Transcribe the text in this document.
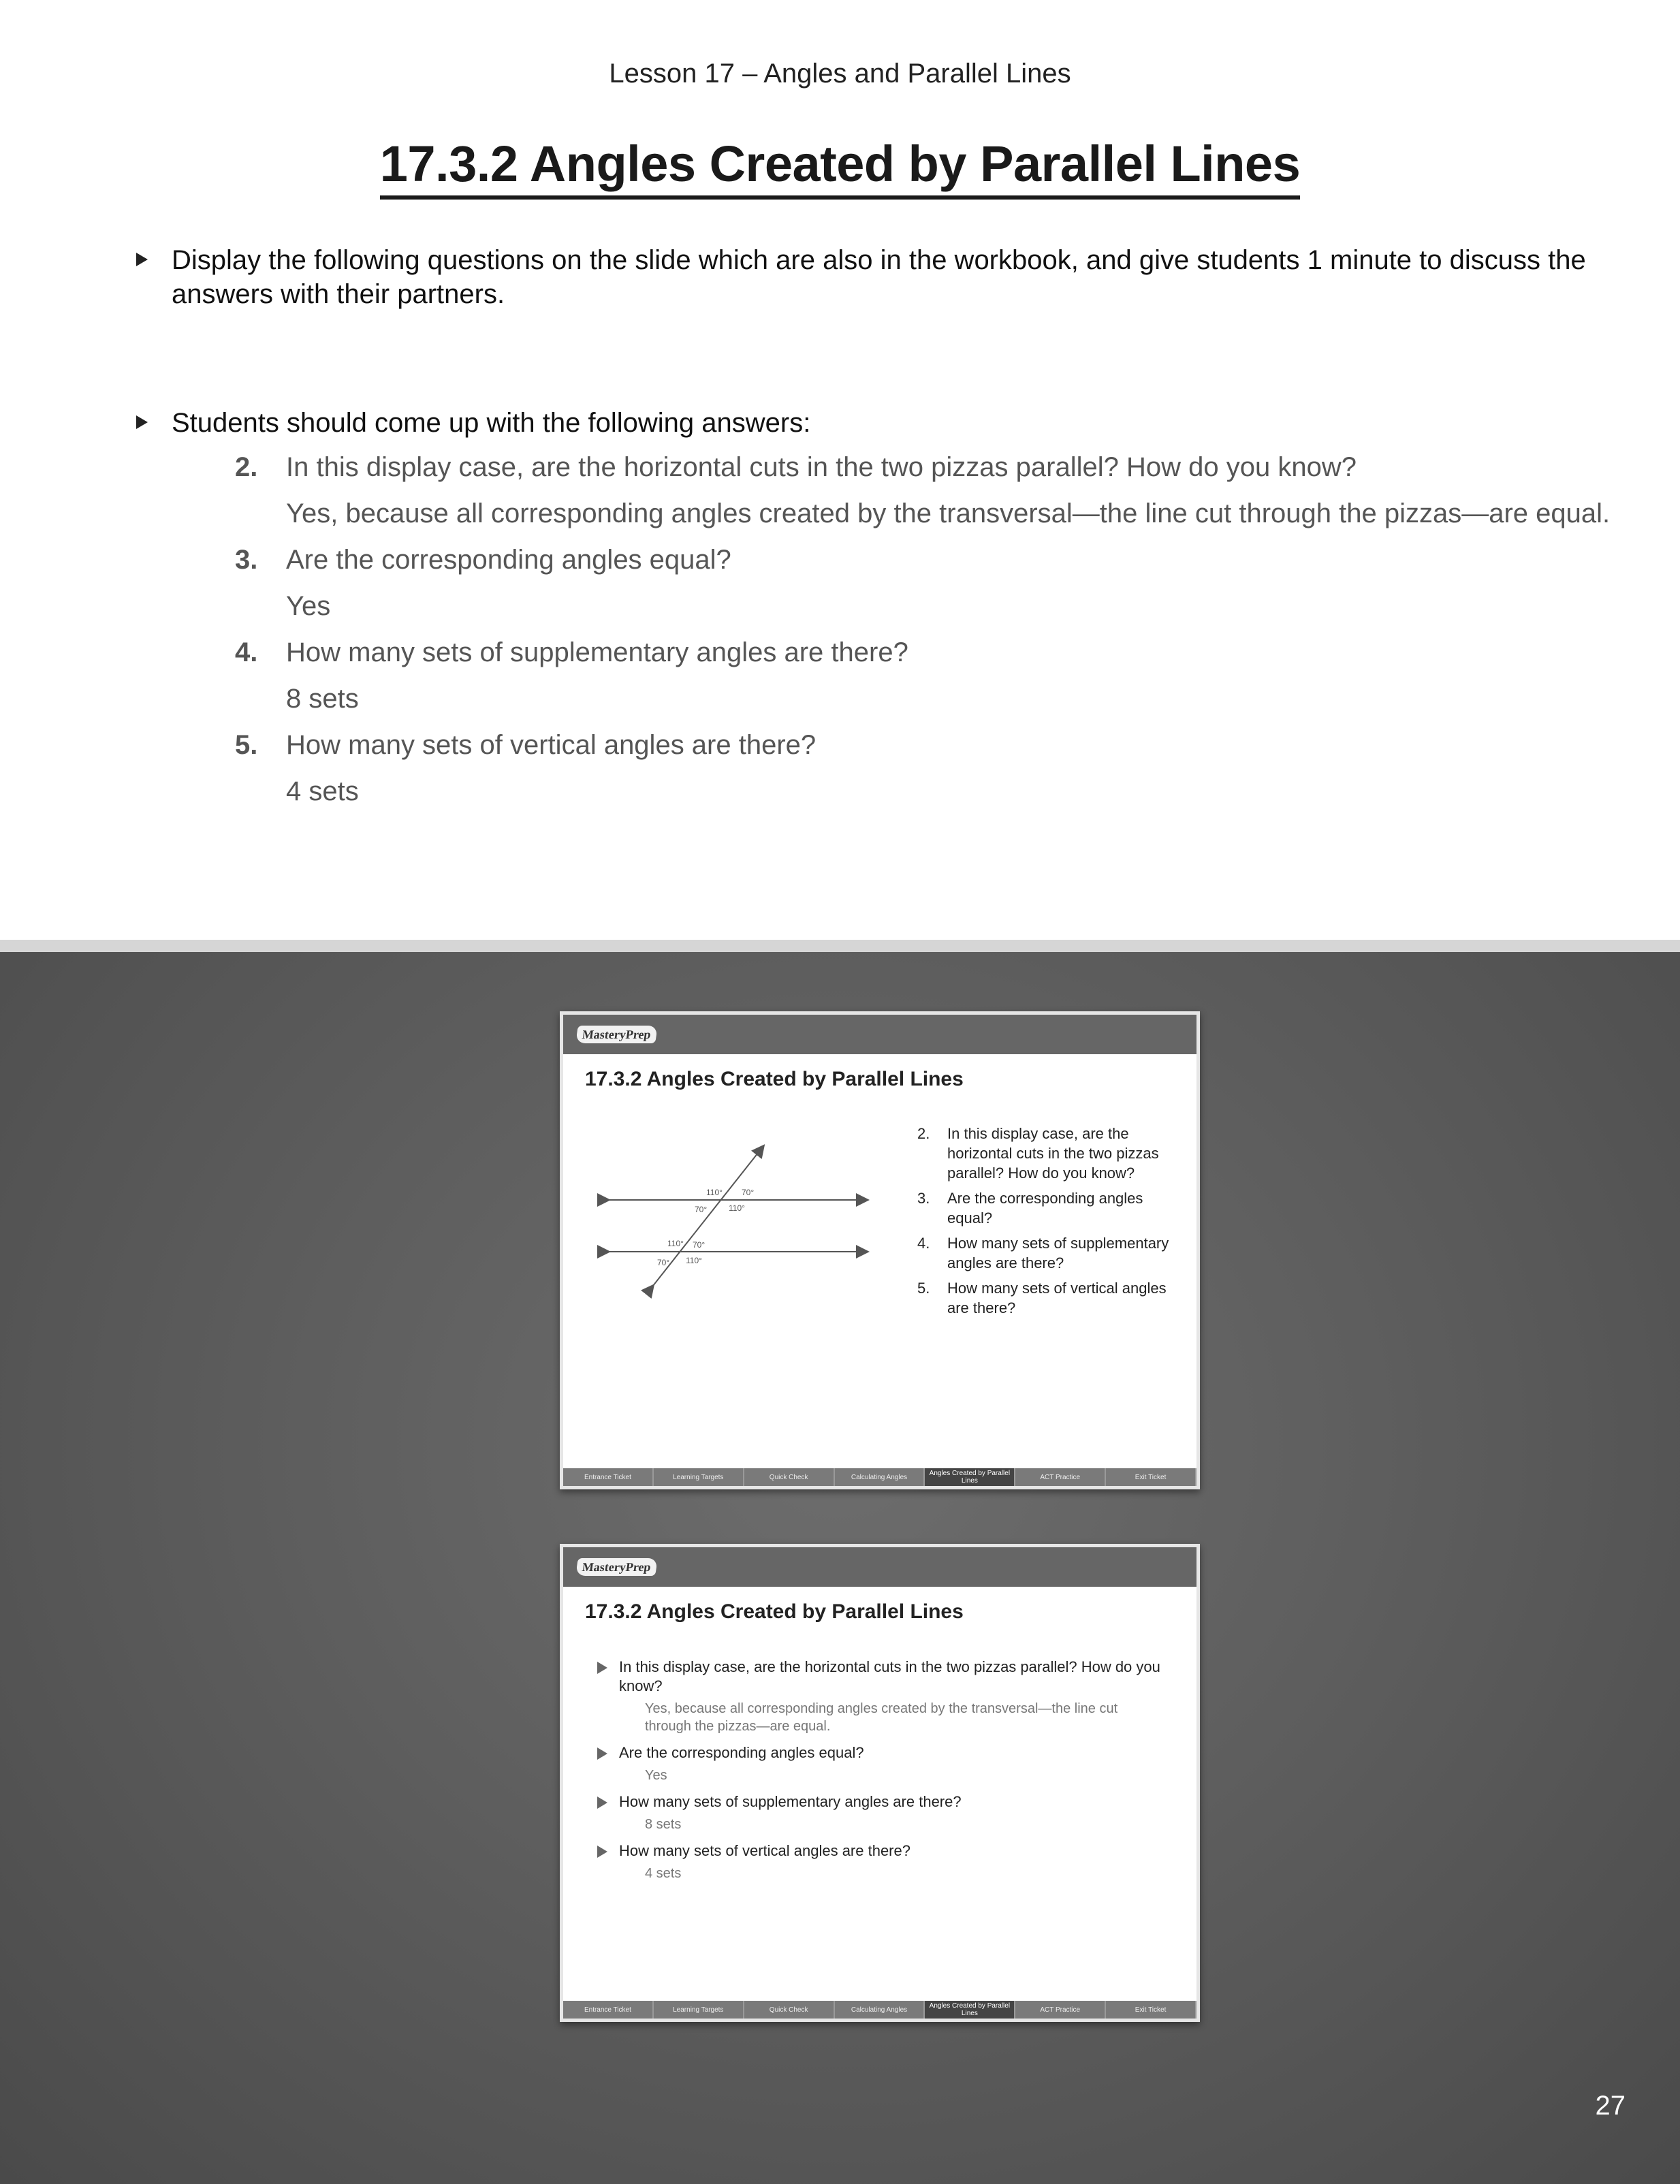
Lesson 17 – Angles and Parallel Lines
17.3.2 Angles Created by Parallel Lines
Display the following questions on the slide which are also in the workbook, and give students 1 minute to discuss the answers with their partners.
Students should come up with the following answers:
2. In this display case, are the horizontal cuts in the two pizzas parallel? How do you know?
Yes, because all corresponding angles created by the transversal—the line cut through the pizzas—are equal.
3. Are the corresponding angles equal?
Yes
4. How many sets of supplementary angles are there?
8 sets
5. How many sets of vertical angles are there?
4 sets
MasteryPrep
17.3.2 Angles Created by Parallel Lines
110° 70°
70°	110°
110° 70°
70° 110°
2. In this display case, are the horizontal cuts in the two pizzas parallel? How do you know?
3. Are the corresponding angles equal?
4. How many sets of supplementary angles are there?
5. How many sets of vertical angles are there?
Entrance Ticket	Learning Targets	Quick Check	Calculating Angles	Angles Created by Parallel Lines	ACT Practice	Exit Ticket
MasteryPrep
17.3.2 Angles Created by Parallel Lines
In this display case, are the horizontal cuts in the two pizzas parallel? How do you know?
Yes, because all corresponding angles created by the transversal—the line cut through the pizzas—are equal.
Are the corresponding angles equal?
Yes
How many sets of supplementary angles are there?
8 sets
How many sets of vertical angles are there?
4 sets
Entrance Ticket	Learning Targets	Quick Check	Calculating Angles	Angles Created by Parallel Lines	ACT Practice	Exit Ticket
27
